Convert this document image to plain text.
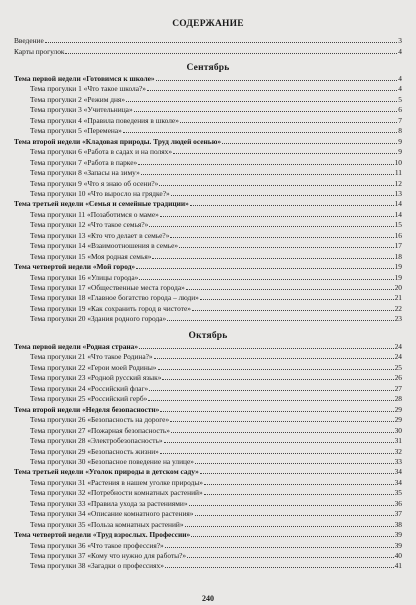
СОДЕРЖАНИЕ
Введение	3
Карты прогулок	4
Сентябрь
Тема первой недели «Готовимся к школе»	4
Тема прогулки 1 «Что такое школа?»	4
Тема прогулки 2 «Режим дня»	5
Тема прогулки 3 «Учительница»	6
Тема прогулки 4 «Правила поведения в школе»	7
Тема прогулки 5 «Перемена»	8
Тема второй недели «Кладовая природы. Труд людей осенью»	9
Тема прогулки 6 «Работа в садах и на полях»	9
Тема прогулки 7 «Работа в парке»	10
Тема прогулки 8 «Запасы на зиму»	11
Тема прогулки 9 «Что я знаю об осени?»	12
Тема прогулки 10 «Что выросло на грядке?»	13
Тема третьей недели «Семья и семейные традиции»	14
Тема прогулки 11 «Позаботимся о маме»	14
Тема прогулки 12 «Что такое семья?»	15
Тема прогулки 13 «Кто что делает в семье?»	16
Тема прогулки 14 «Взаимоотношения в семье»	17
Тема прогулки 15 «Моя родная семья»	18
Тема четвертой недели «Мой город»	19
Тема прогулки 16 «Улицы города»	19
Тема прогулки 17 «Общественные места города»	20
Тема прогулки 18 «Главное богатство города – люди»	21
Тема прогулки 19 «Как сохранить город в чистоте»	22
Тема прогулки 20 «Здания родного города»	23
Октябрь
Тема первой недели «Родная страна»	24
Тема прогулки 21 «Что такое Родина?»	24
Тема прогулки 22 «Герои моей Родины»	25
Тема прогулки 23 «Родной русский язык»	26
Тема прогулки 24 «Российский флаг»	27
Тема прогулки 25 «Российский герб»	28
Тема второй недели «Неделя безопасности»	29
Тема прогулки 26 «Безопасность на дороге»	29
Тема прогулки 27 «Пожарная безопасность»	30
Тема прогулки 28 «Электробезопасность»	31
Тема прогулки 29 «Безопасность жизни»	32
Тема прогулки 30 «Безопасное поведение на улице»	33
Тема третьей недели «Уголок природы в детском саду»	34
Тема прогулки 31 «Растения в нашем уголке природы»	34
Тема прогулки 32 «Потребности комнатных растений»	35
Тема прогулки 33 «Правила ухода за растениями»	36
Тема прогулки 34 «Описание комнатного растения»	37
Тема прогулки 35 «Польза комнатных растений»	38
Тема четвертой недели «Труд взрослых. Профессии»	39
Тема прогулки 36 «Что такое профессия?»	39
Тема прогулки 37 «Кому что нужно для работы?»	40
Тема прогулки 38 «Загадки о профессиях»	41
240
